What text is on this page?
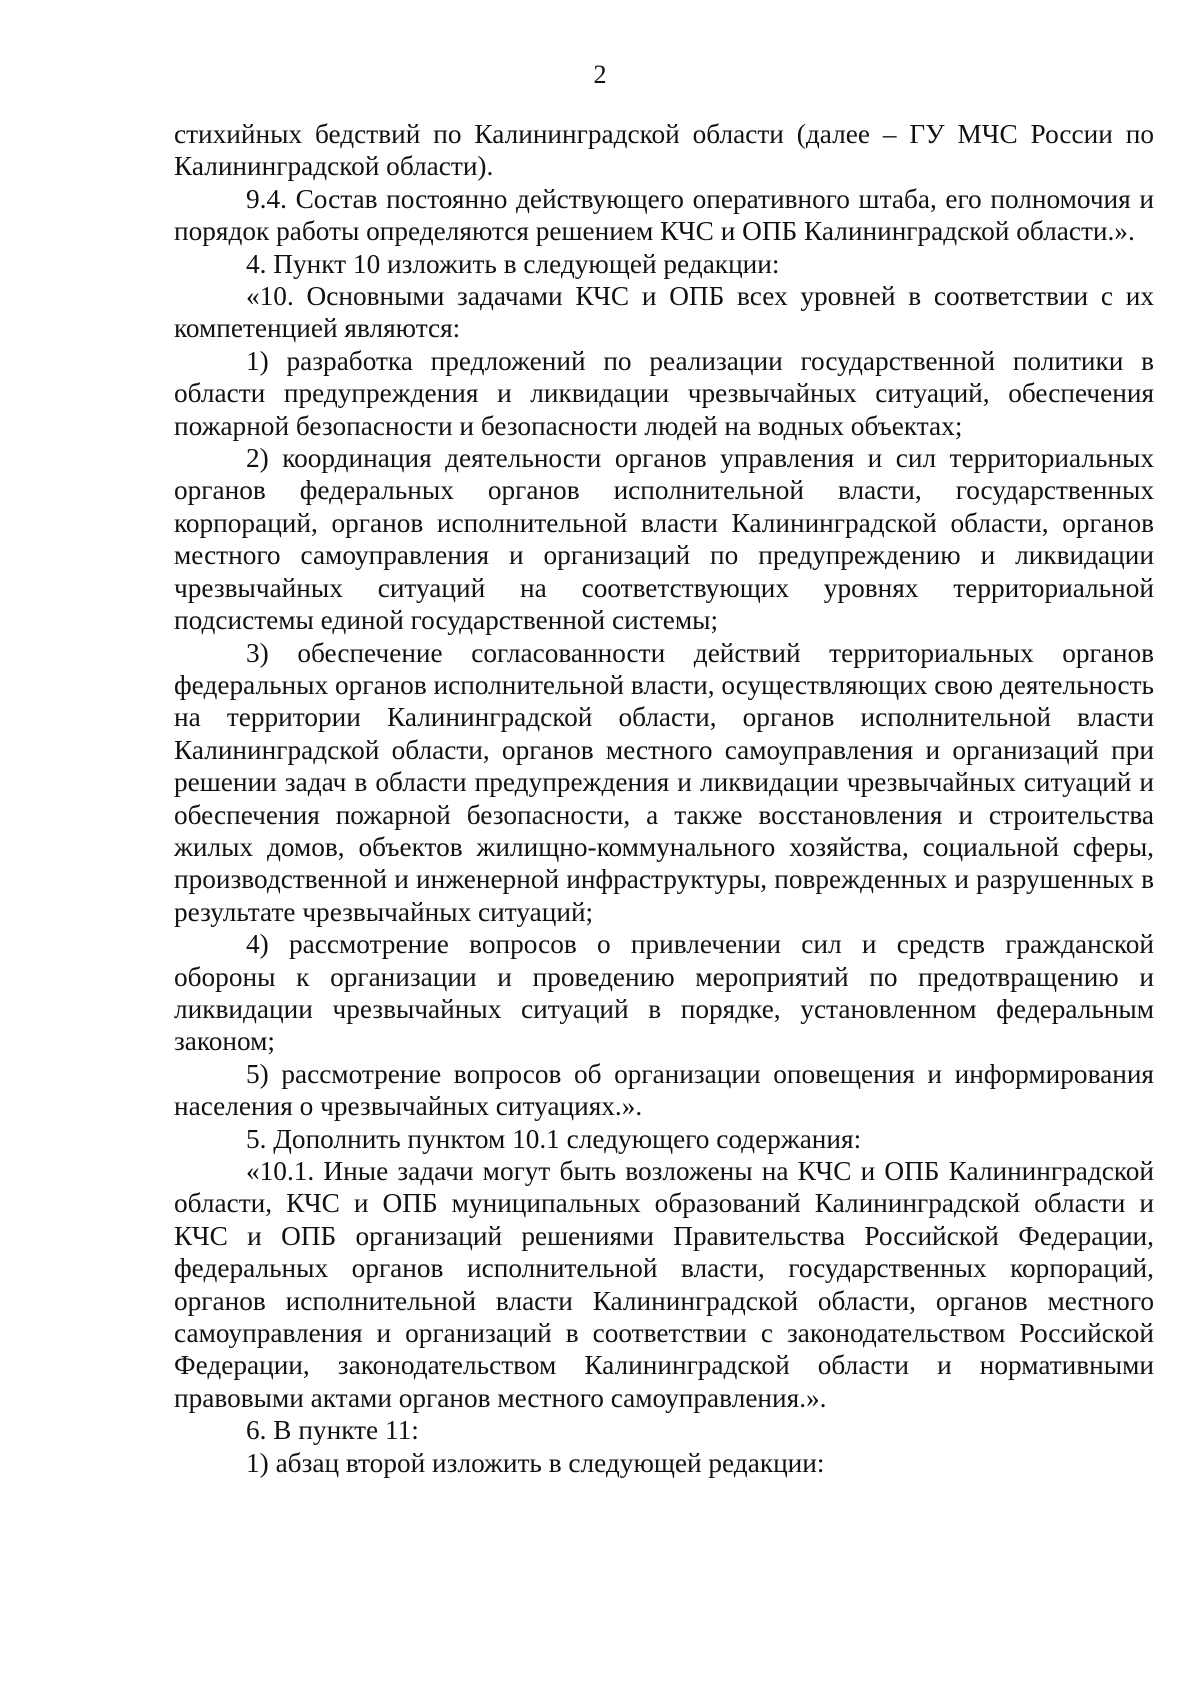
2

стихийных бедствий по Калининградской области (далее – ГУ МЧС России по Калининградской области).

9.4. Состав постоянно действующего оперативного штаба, его полномочия и порядок работы определяются решением КЧС и ОПБ Калининградской области.».

4. Пункт 10 изложить в следующей редакции:

«10. Основными задачами КЧС и ОПБ всех уровней в соответствии с их компетенцией являются:

1) разработка предложений по реализации государственной политики в области предупреждения и ликвидации чрезвычайных ситуаций, обеспечения пожарной безопасности и безопасности людей на водных объектах;

2) координация деятельности органов управления и сил территориальных органов федеральных органов исполнительной власти, государственных корпораций, органов исполнительной власти Калининградской области, органов местного самоуправления и организаций по предупреждению и ликвидации чрезвычайных ситуаций на соответствующих уровнях территориальной подсистемы единой государственной системы;

3) обеспечение согласованности действий территориальных органов федеральных органов исполнительной власти, осуществляющих свою деятельность на территории Калининградской области, органов исполнительной власти Калининградской области, органов местного самоуправления и организаций при решении задач в области предупреждения и ликвидации чрезвычайных ситуаций и обеспечения пожарной безопасности, а также восстановления и строительства жилых домов, объектов жилищно-коммунального хозяйства, социальной сферы, производственной и инженерной инфраструктуры, поврежденных и разрушенных в результате чрезвычайных ситуаций;

4) рассмотрение вопросов о привлечении сил и средств гражданской обороны к организации и проведению мероприятий по предотвращению и ликвидации чрезвычайных ситуаций в порядке, установленном федеральным законом;

5) рассмотрение вопросов об организации оповещения и информирования населения о чрезвычайных ситуациях.».

5. Дополнить пунктом 10.1 следующего содержания:

«10.1. Иные задачи могут быть возложены на КЧС и ОПБ Калининградской области, КЧС и ОПБ муниципальных образований Калининградской области и КЧС и ОПБ организаций решениями Правительства Российской Федерации, федеральных органов исполнительной власти, государственных корпораций, органов исполнительной власти Калининградской области, органов местного самоуправления и организаций в соответствии с законодательством Российской Федерации, законодательством Калининградской области и нормативными правовыми актами органов местного самоуправления.».

6. В пункте 11:

1) абзац второй изложить в следующей редакции:
